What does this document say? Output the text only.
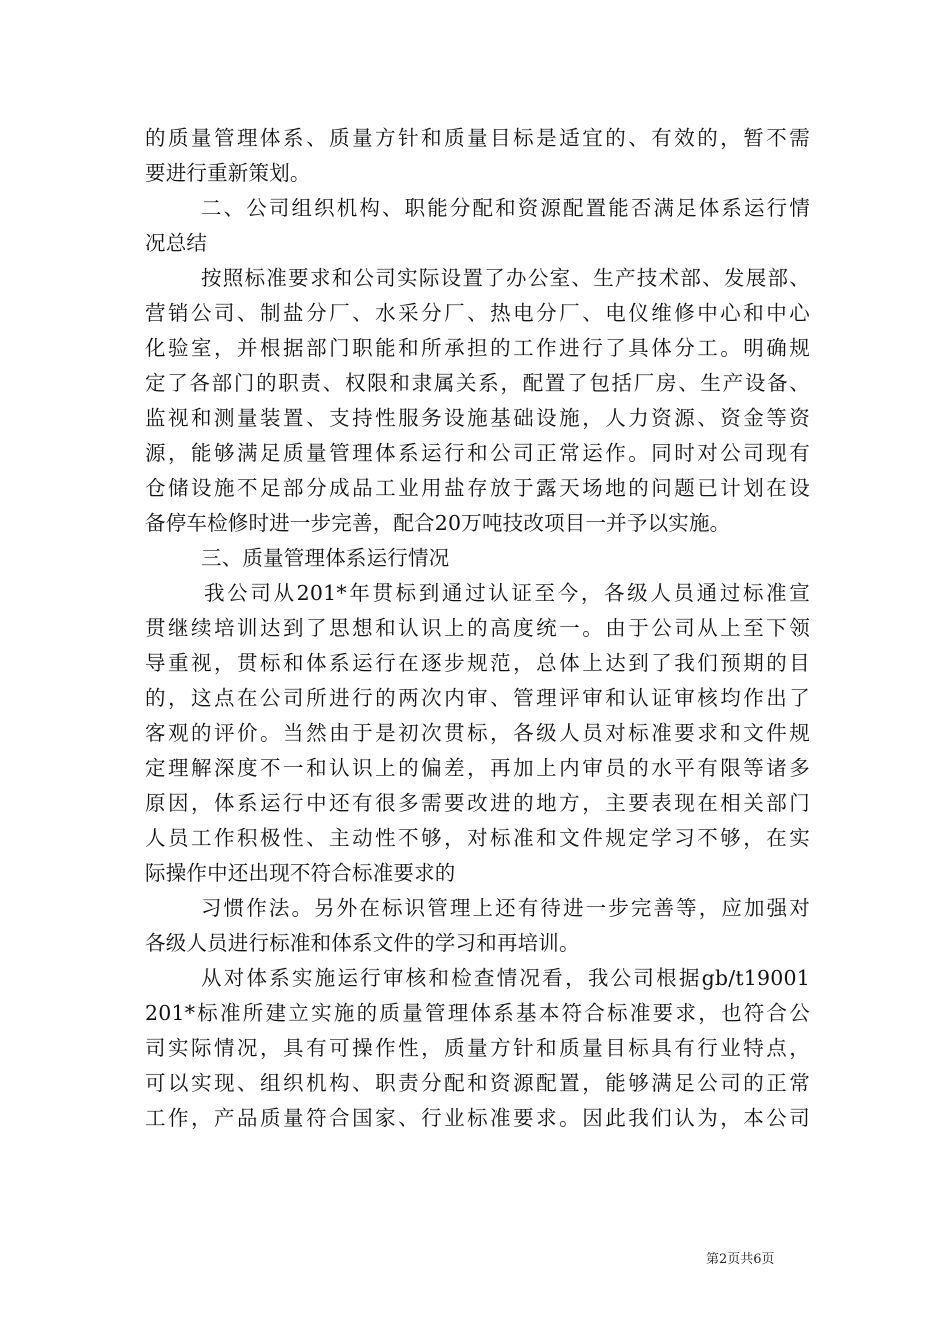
的质量管理体系、质量方针和质量目标是适宜的、有效的，暂不需
要进行重新策划。
二、公司组织机构、职能分配和资源配置能否满足体系运行情
况总结
按照标准要求和公司实际设置了办公室、生产技术部、发展部、
营销公司、制盐分厂、水采分厂、热电分厂、电仪维修中心和中心
化验室，并根据部门职能和所承担的工作进行了具体分工。明确规
定了各部门的职责、权限和隶属关系，配置了包括厂房、生产设备、
监视和测量装置、支持性服务设施基础设施，人力资源、资金等资
源，能够满足质量管理体系运行和公司正常运作。同时对公司现有
仓储设施不足部分成品工业用盐存放于露天场地的问题已计划在设
备停车检修时进一步完善，配合20万吨技改项目一并予以实施。
三、质量管理体系运行情况
我公司从201*年贯标到通过认证至今，各级人员通过标准宣
贯继续培训达到了思想和认识上的高度统一。由于公司从上至下领
导重视，贯标和体系运行在逐步规范，总体上达到了我们预期的目
的，这点在公司所进行的两次内审、管理评审和认证审核均作出了
客观的评价。当然由于是初次贯标，各级人员对标准要求和文件规
定理解深度不一和认识上的偏差，再加上内审员的水平有限等诸多
原因，体系运行中还有很多需要改进的地方，主要表现在相关部门
人员工作积极性、主动性不够，对标准和文件规定学习不够，在实
际操作中还出现不符合标准要求的
习惯作法。另外在标识管理上还有待进一步完善等，应加强对
各级人员进行标准和体系文件的学习和再培训。
从对体系实施运行审核和检查情况看，我公司根据gb/t19001
201*标准所建立实施的质量管理体系基本符合标准要求，也符合公
司实际情况，具有可操作性，质量方针和质量目标具有行业特点，
可以实现、组织机构、职责分配和资源配置，能够满足公司的正常
工作，产品质量符合国家、行业标准要求。因此我们认为，本公司
第2页共6页
